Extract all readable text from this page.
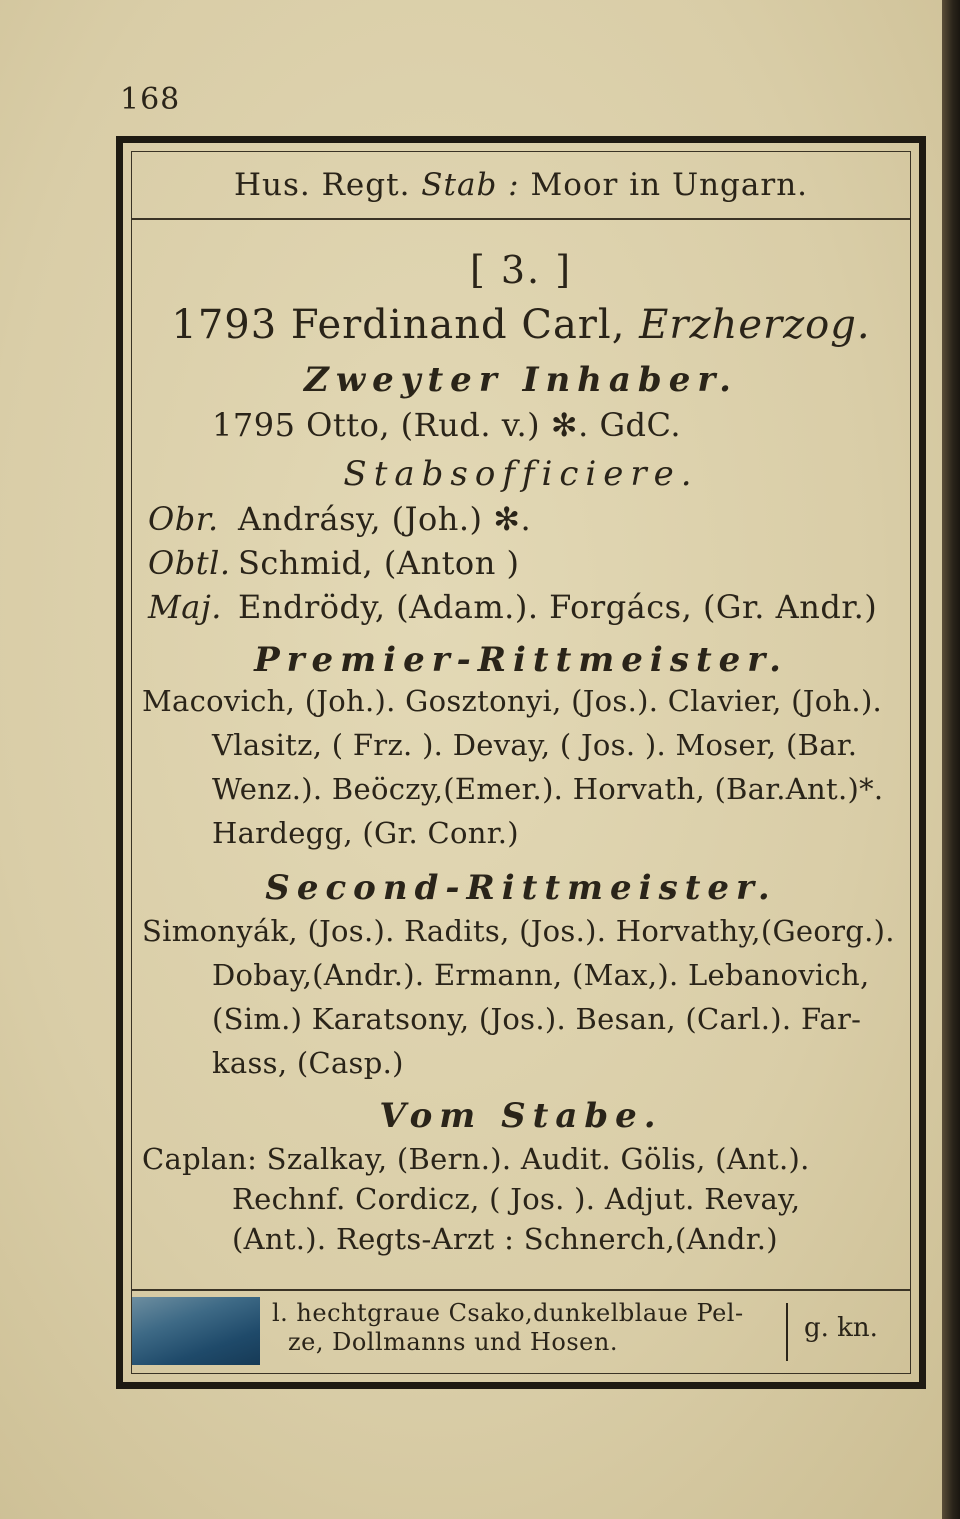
168
Hus. Regt.
Stab :
Moor in Ungarn.
[ 3. ]
1793 Ferdinand Carl, Erzherzog.
Zweyter Inhaber.
1795 Otto, (Rud. v.) ✻. GdC.
Stabsofficiere.
Obr. Andrásy, (Joh.) ✻.
Obtl. Schmid, (Anton )
Maj. Endrödy, (Adam.). Forgács, (Gr. Andr.)
Premier-Rittmeister.
Macovich, (Joh.). Gosztonyi, (Jos.). Clavier, (Joh.).
Vlasitz, ( Frz. ). Devay, ( Jos. ). Moser, (Bar.
Wenz.). Beöczy,(Emer.). Horvath, (Bar.Ant.)*.
Hardegg, (Gr. Conr.)
Second-Rittmeister.
Simonyák, (Jos.). Radits, (Jos.). Horvathy,(Georg.).
Dobay,(Andr.). Ermann, (Max,). Lebanovich,
(Sim.) Karatsony, (Jos.). Besan, (Carl.). Far-
kass, (Casp.)
Vom Stabe.
Caplan: Szalkay, (Bern.). Audit. Gölis, (Ant.).
Rechnf. Cordicz, ( Jos. ). Adjut. Revay,
(Ant.). Regts-Arzt : Schnerch,(Andr.)
l. hechtgraue Csako,dunkelblaue Pel-
ze, Dollmanns und Hosen.	g. kn.
